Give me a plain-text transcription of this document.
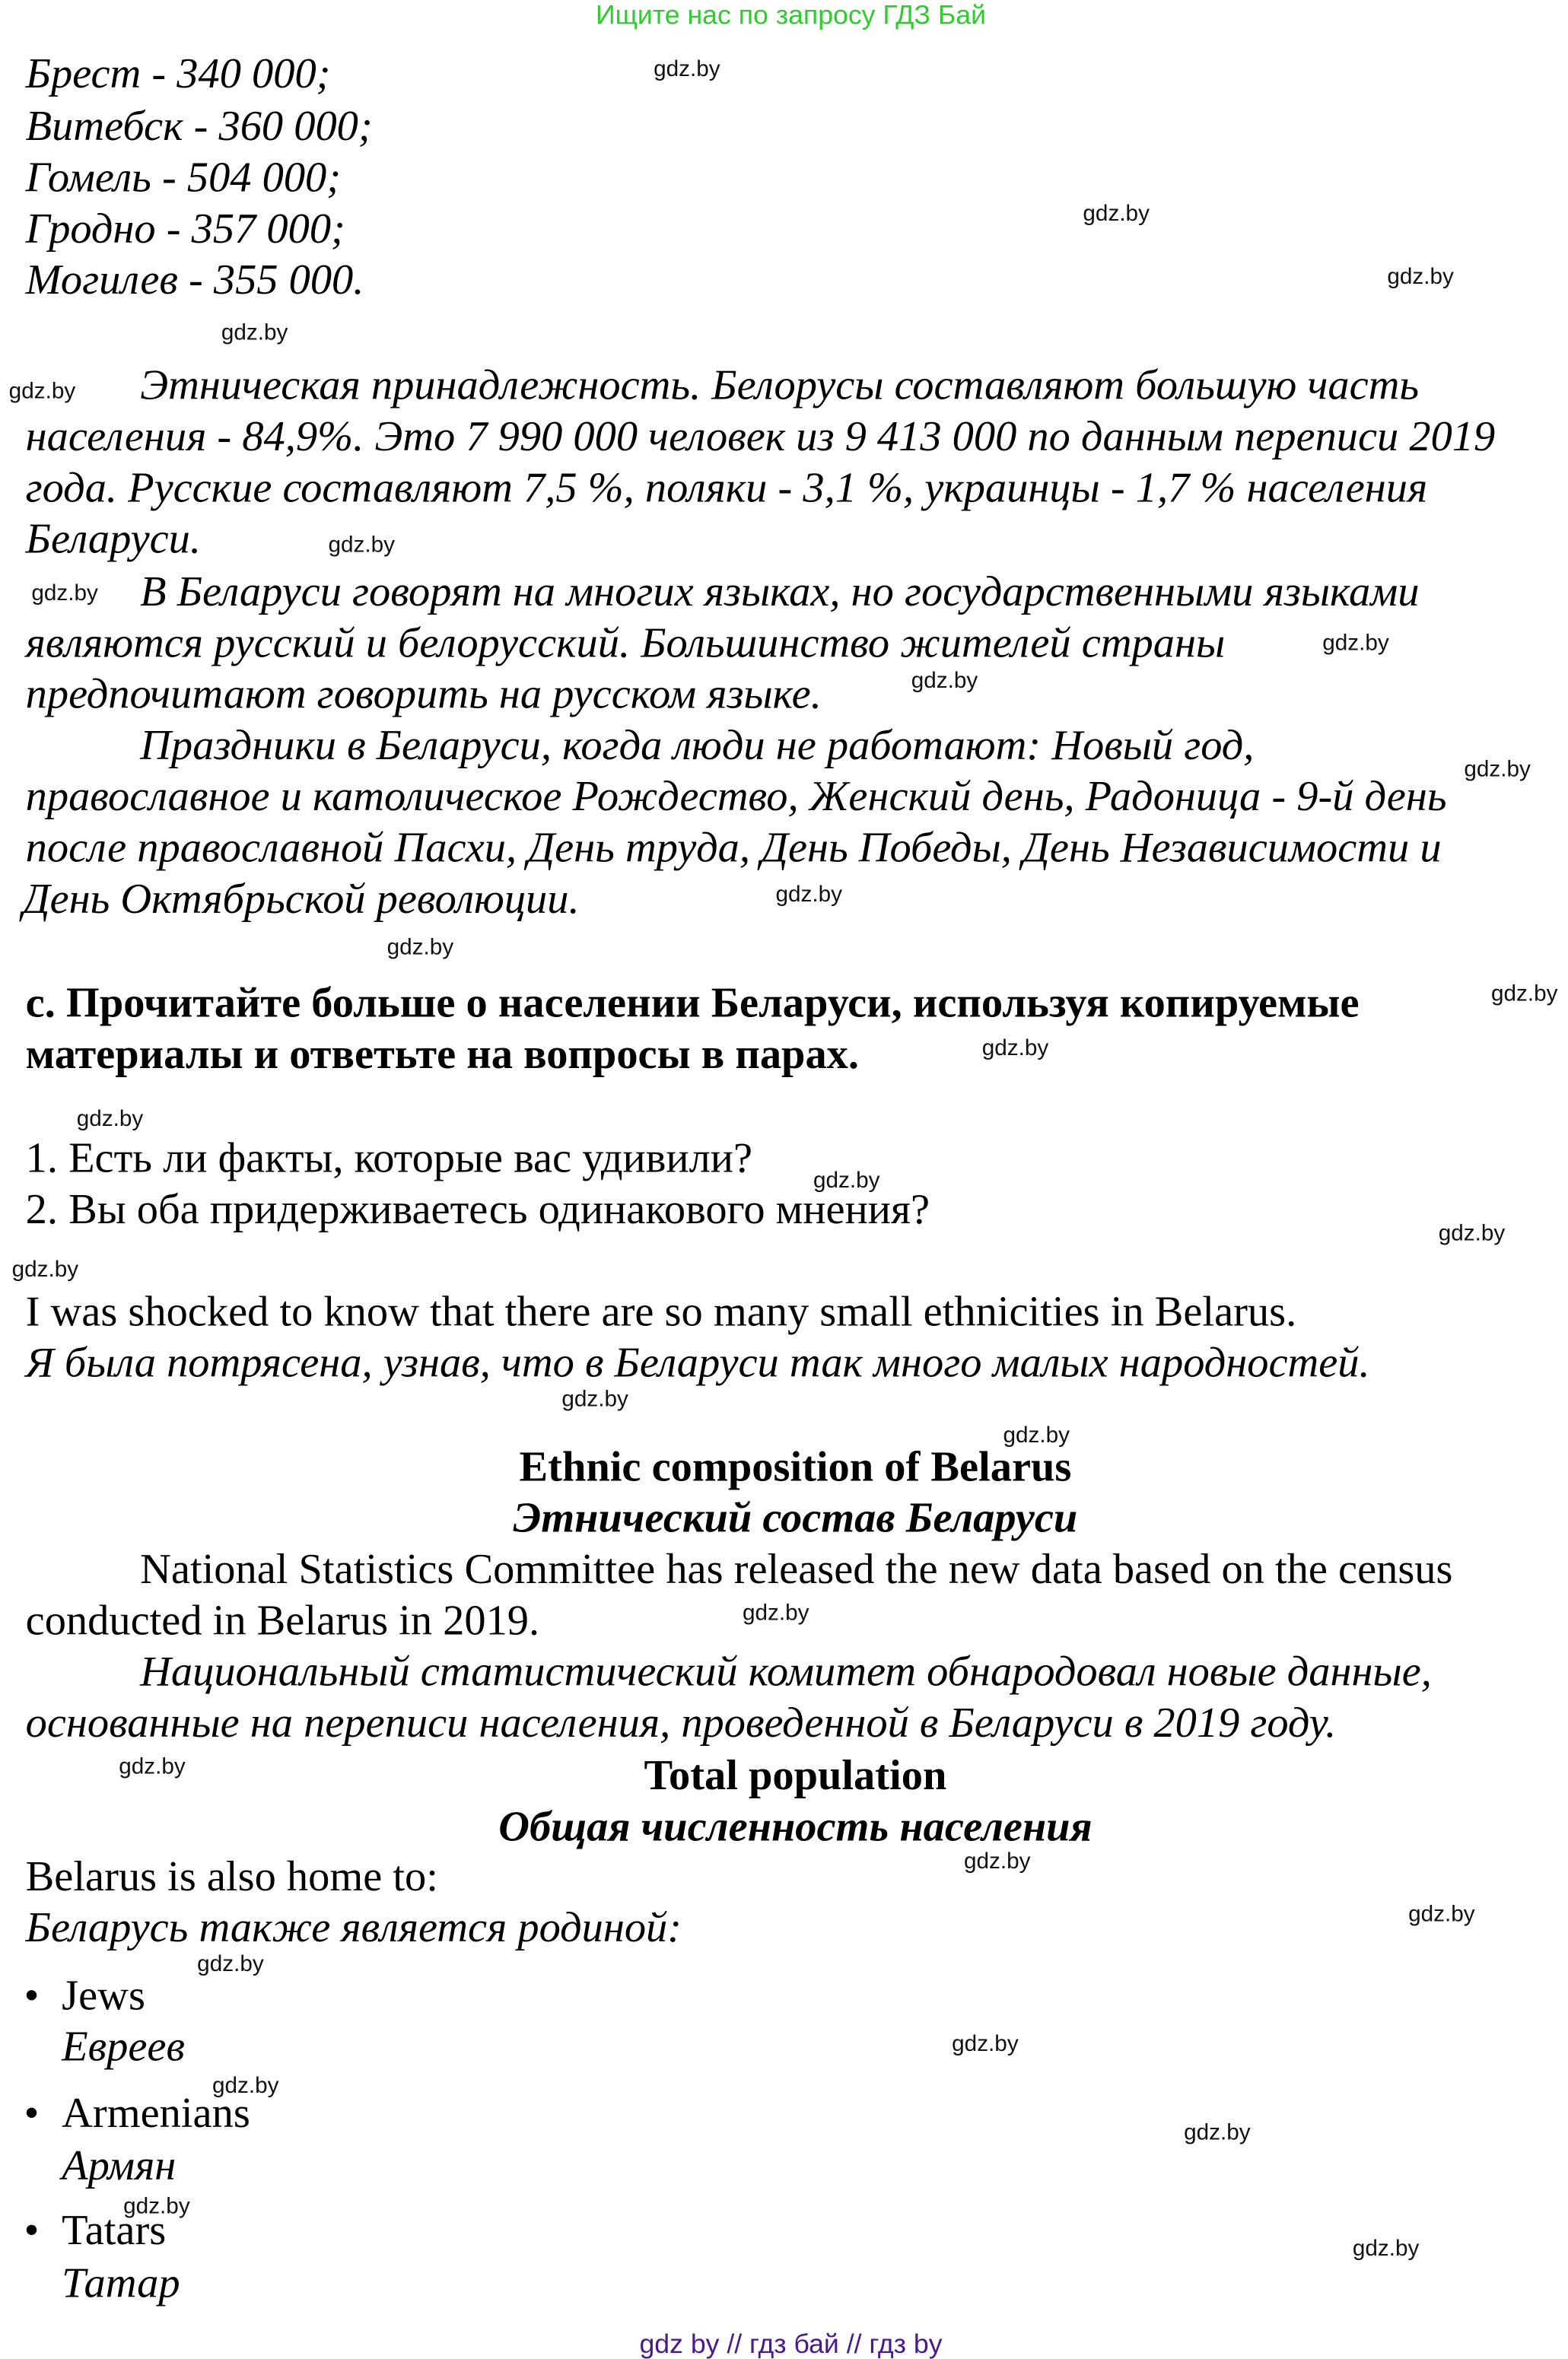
Ищите нас по запросу ГДЗ Бай
gdz by // гдз бай // гдз by
Брест - 340 000;
Витебск - 360 000;
Гомель - 504 000;
Гродно - 357 000;
Могилев - 355 000.
Этническая принадлежность. Белорусы составляют большую часть
населения - 84,9%. Это 7 990 000 человек из 9 413 000 по данным переписи 2019
года. Русские составляют 7,5 %, поляки - 3,1 %, украинцы - 1,7 % населения
Беларуси.
В Беларуси говорят на многих языках, но государственными языками
являются русский и белорусский. Большинство жителей страны
предпочитают говорить на русском языке.
Праздники в Беларуси, когда люди не работают: Новый год,
православное и католическое Рождество, Женский день, Радоница - 9-й день
после православной Пасхи, День труда, День Победы, День Независимости и
День Октябрьской революции.
c. Прочитайте больше о населении Беларуси, используя копируемые
материалы и ответьте на вопросы в парах.
1. Есть ли факты, которые вас удивили?
2. Вы оба придерживаетесь одинакового мнения?
I was shocked to know that there are so many small ethnicities in Belarus.
Я была потрясена, узнав, что в Беларуси так много малых народностей.
Ethnic composition of Belarus
Этнический состав Беларуси
National Statistics Committee has released the new data based on the census
conducted in Belarus in 2019.
Национальный статистический комитет обнародовал новые данные,
основанные на переписи населения, проведенной в Беларуси в 2019 году.
Total population
Общая численность населения
Belarus is also home to:
Беларусь также является родиной:
Jews
Евреев
Armenians
Армян
Tatars
Татар
•
•
•
gdz.by
gdz.by
gdz.by
gdz.by
gdz.by
gdz.by
gdz.by
gdz.by
gdz.by
gdz.by
gdz.by
gdz.by
gdz.by
gdz.by
gdz.by
gdz.by
gdz.by
gdz.by
gdz.by
gdz.by
gdz.by
gdz.by
gdz.by
gdz.by
gdz.by
gdz.by
gdz.by
gdz.by
gdz.by
gdz.by
